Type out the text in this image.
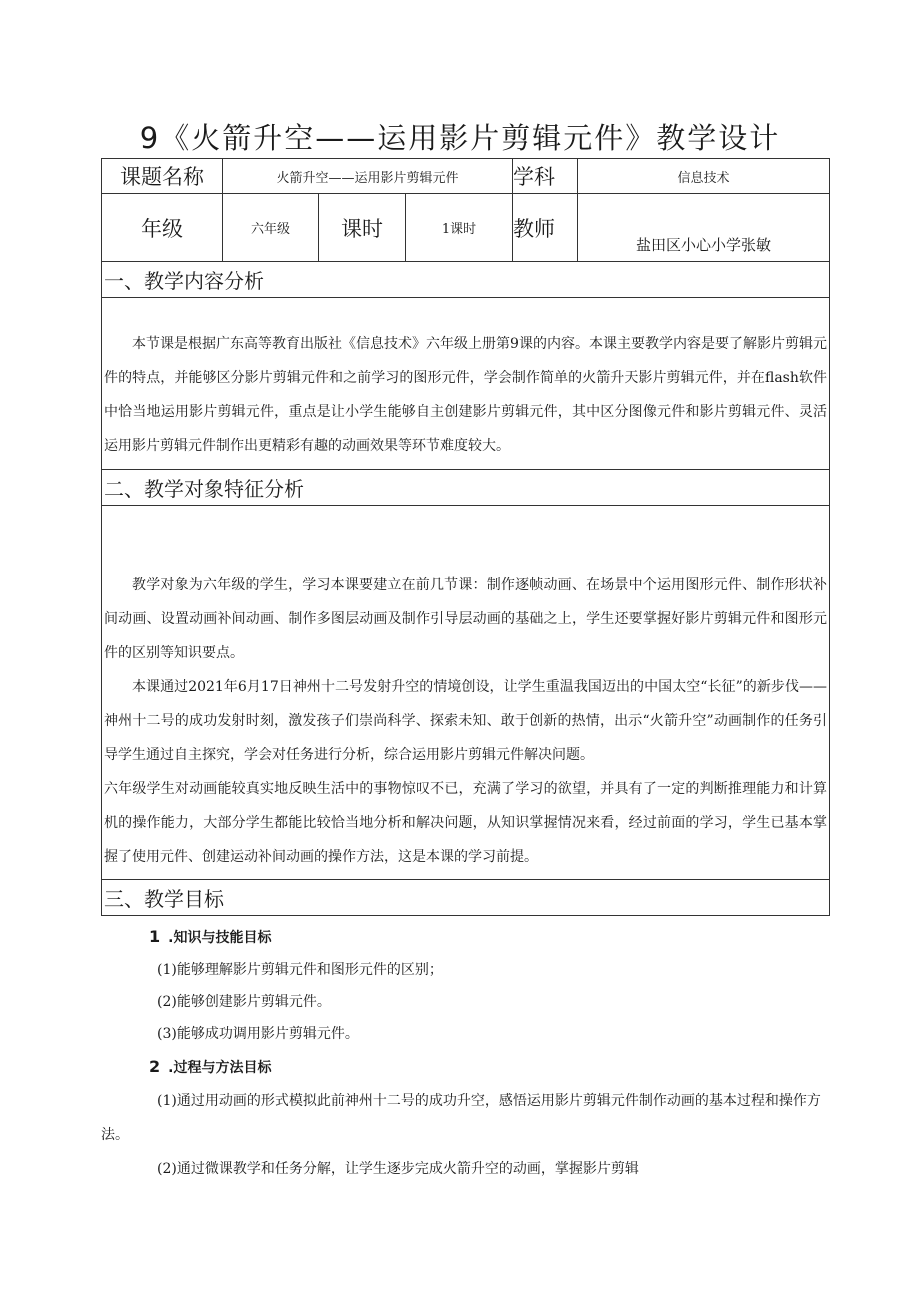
9《火箭升空——运用影片剪辑元件》教学设计
课题名称	火箭升空——运用影片剪辑元件			学科	信息技术
年级	六年级	课时	1课时	教师	盐田区小心小学张敏
一、教学内容分析					

本节课是根据广东高等教育出版社《信息技术》六年级上册第9课的内容。本课主要教学内容是要了解影片剪辑元件的特点，并能够区分影片剪辑元件和之前学习的图形元件，学会制作简单的火箭升天影片剪辑元件，并在flash软件中恰当地运用影片剪辑元件，重点是让小学生能够自主创建影片剪辑元件，其中区分图像元件和影片剪辑元件、灵活运用影片剪辑元件制作出更精彩有趣的动画效果等环节难度较大。					

二、教学对象特征分析					

教学对象为六年级的学生，学习本课要建立在前几节课：制作逐帧动画、在场景中个运用图形元件、制作形状补间动画、设置动画补间动画、制作多图层动画及制作引导层动画的基础之上，学生还要掌握好影片剪辑元件和图形元件的区别等知识要点。

本课通过2021年6月17日神州十二号发射升空的情境创设，让学生重温我国迈出的中国太空“长征”的新步伐——神州十二号的成功发射时刻，激发孩子们崇尚科学、探索未知、敢于创新的热情，出示“火箭升空”动画制作的任务引导学生通过自主探究，学会对任务进行分析，综合运用影片剪辑元件解决问题。

六年级学生对动画能较真实地反映生活中的事物惊叹不已，充满了学习的欲望，并具有了一定的判断推理能力和计算机的操作能力，大部分学生都能比较恰当地分析和解决问题，从知识掌握情况来看，经过前面的学习，学生已基本掌握了使用元件、创建运动补间动画的操作方法，这是本课的学习前提。					

三、教学目标					
1 .知识与技能目标

(1)能够理解影片剪辑元件和图形元件的区别；

(2)能够创建影片剪辑元件。

(3)能够成功调用影片剪辑元件。

2 .过程与方法目标

(1)通过用动画的形式模拟此前神州十二号的成功升空，感悟运用影片剪辑元件制作动画的基本过程和操作方法。

(2)通过微课教学和任务分解，让学生逐步完成火箭升空的动画，掌握影片剪辑
